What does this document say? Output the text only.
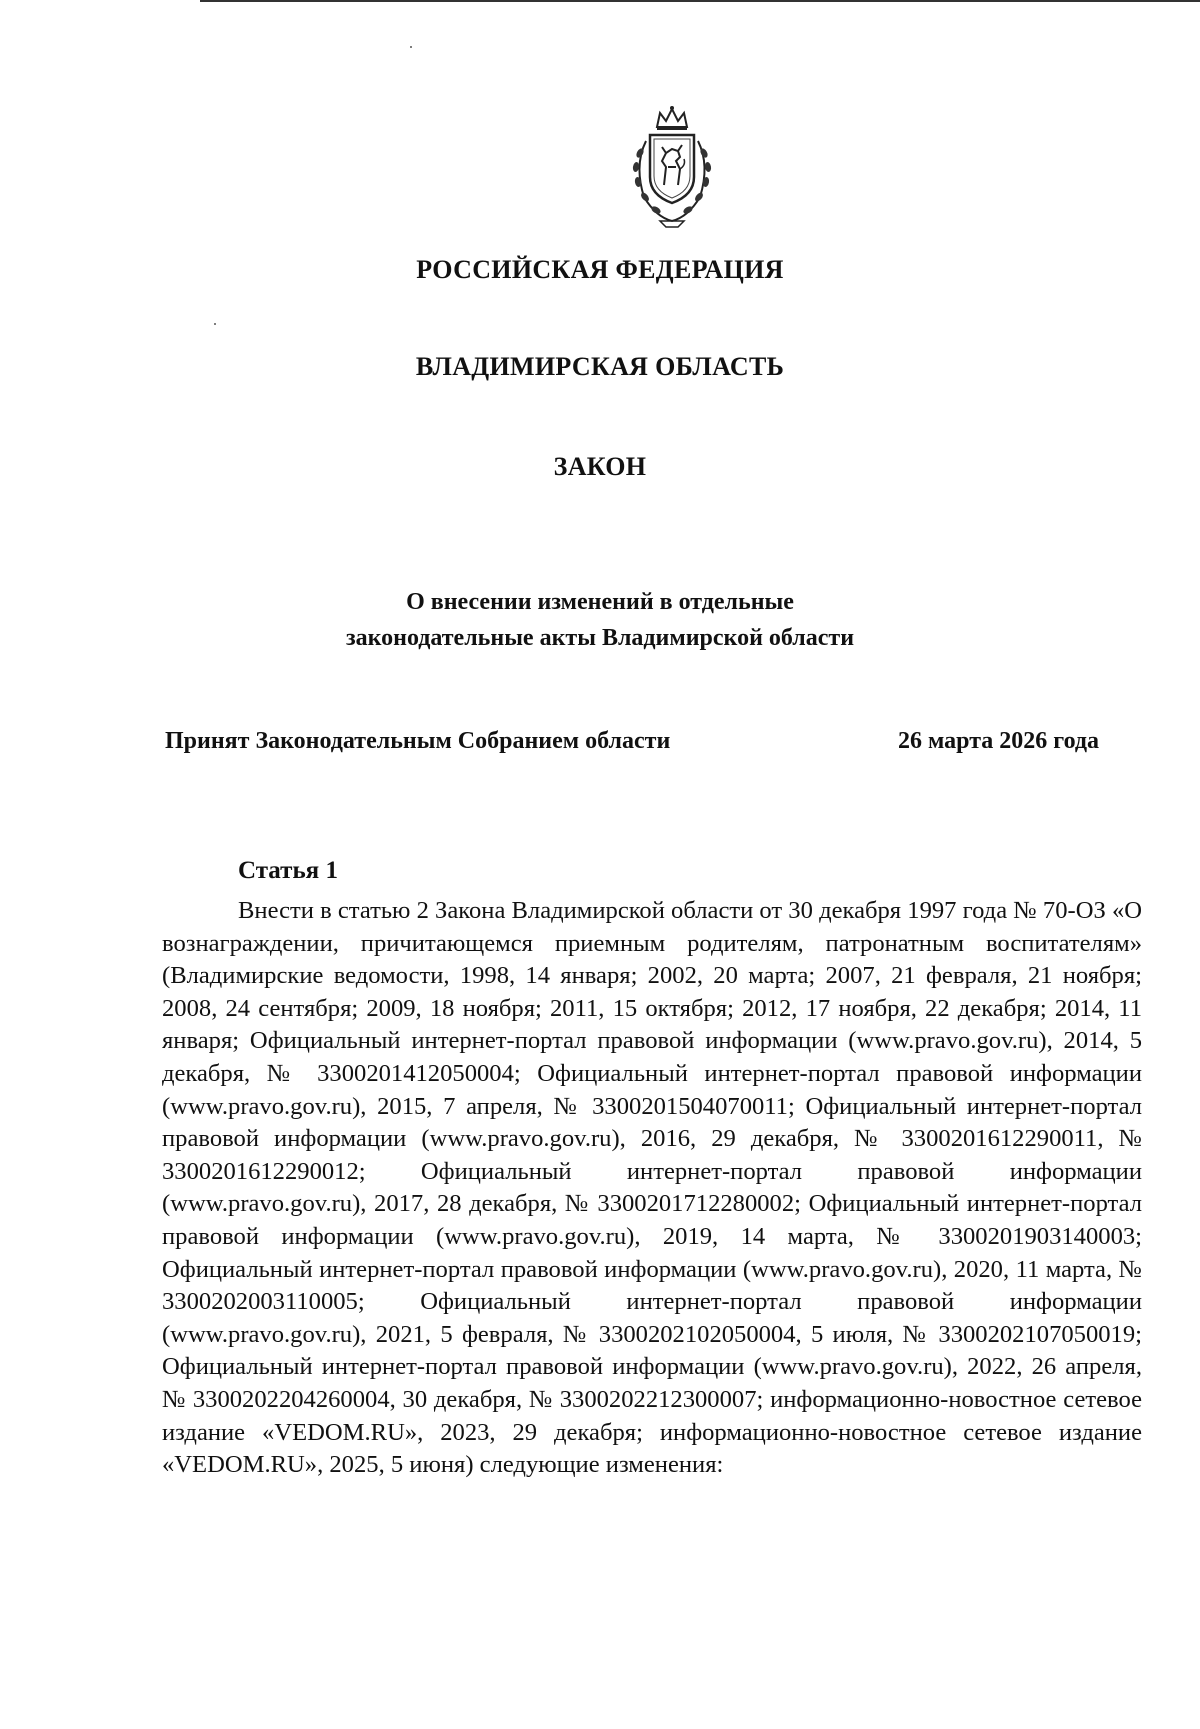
РОССИЙСКАЯ ФЕДЕРАЦИЯ
ВЛАДИМИРСКАЯ ОБЛАСТЬ
ЗАКОН
О внесении изменений в отдельные
законодательные акты Владимирской области
Принят Законодательным Собранием области	26 марта 2026 года
Статья 1

Внести в статью 2 Закона Владимирской области от 30 декабря 1997 года № 70-ОЗ «О вознаграждении, причитающемся приемным родителям, патронатным воспитателям» (Владимирские ведомости, 1998, 14 января; 2002, 20 марта; 2007, 21 февраля, 21 ноября; 2008, 24 сентября; 2009, 18 ноября; 2011, 15 октября; 2012, 17 ноября, 22 декабря; 2014, 11 января; Официальный интернет-портал правовой информации (www.pravo.gov.ru), 2014, 5 декабря, № 3300201412050004; Официальный интернет-портал правовой информации (www.pravo.gov.ru), 2015, 7 апреля, № 3300201504070011; Официальный интернет-портал правовой информации (www.pravo.gov.ru), 2016, 29 декабря, № 3300201612290011, № 3300201612290012; Официальный интернет-портал правовой информации (www.pravo.gov.ru), 2017, 28 декабря, № 3300201712280002; Официальный интернет-портал правовой информации (www.pravo.gov.ru), 2019, 14 марта, № 3300201903140003; Официальный интернет-портал правовой информации (www.pravo.gov.ru), 2020, 11 марта, № 3300202003110005; Официальный интернет-портал правовой информации (www.pravo.gov.ru), 2021, 5 февраля, № 3300202102050004, 5 июля, № 3300202107050019; Официальный интернет-портал правовой информации (www.pravo.gov.ru), 2022, 26 апреля, № 3300202204260004, 30 декабря, № 3300202212300007; информационно-новостное сетевое издание «VEDOM.RU», 2023, 29 декабря; информационно-новостное сетевое издание «VEDOM.RU», 2025, 5 июня) следующие изменения:
